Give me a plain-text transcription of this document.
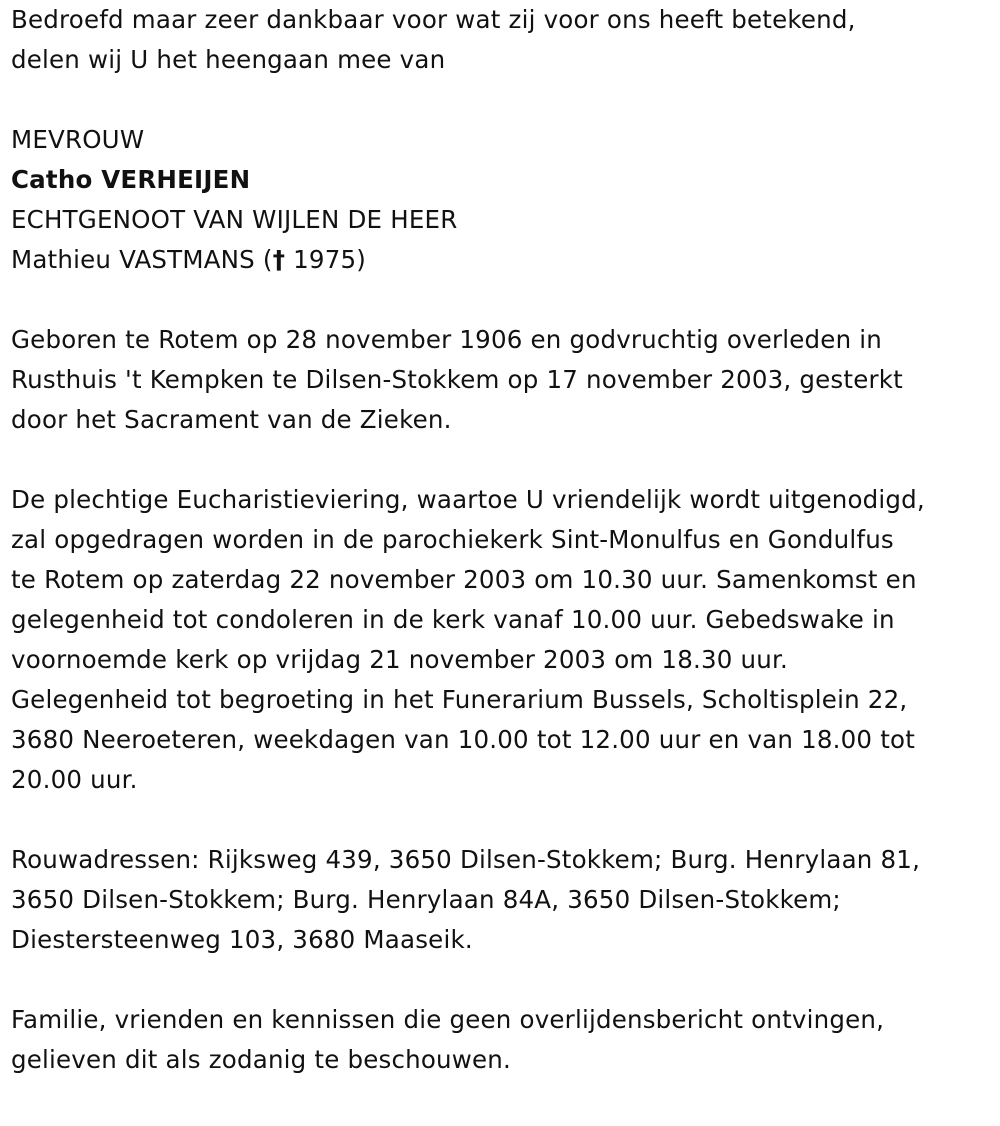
Bedroefd maar zeer dankbaar voor wat zij voor ons heeft betekend,
delen wij U het heengaan mee van
MEVROUW
Catho VERHEIJEN
ECHTGENOOT VAN WIJLEN DE HEER
Mathieu VASTMANS († 1975)
Geboren te Rotem op 28 november 1906 en godvruchtig overleden in
Rusthuis 't Kempken te Dilsen-Stokkem op 17 november 2003, gesterkt
door het Sacrament van de Zieken.
De plechtige Eucharistieviering, waartoe U vriendelijk wordt uitgenodigd,
zal opgedragen worden in de parochiekerk Sint-Monulfus en Gondulfus
te Rotem op zaterdag 22 november 2003 om 10.30 uur. Samenkomst en
gelegenheid tot condoleren in de kerk vanaf 10.00 uur. Gebedswake in
voornoemde kerk op vrijdag 21 november 2003 om 18.30 uur.
Gelegenheid tot begroeting in het Funerarium Bussels, Scholtisplein 22,
3680 Neeroeteren, weekdagen van 10.00 tot 12.00 uur en van 18.00 tot
20.00 uur.
Rouwadressen: Rijksweg 439, 3650 Dilsen-Stokkem; Burg. Henrylaan 81,
3650 Dilsen-Stokkem; Burg. Henrylaan 84A, 3650 Dilsen-Stokkem;
Diestersteenweg 103, 3680 Maaseik.
Familie, vrienden en kennissen die geen overlijdensbericht ontvingen,
gelieven dit als zodanig te beschouwen.
